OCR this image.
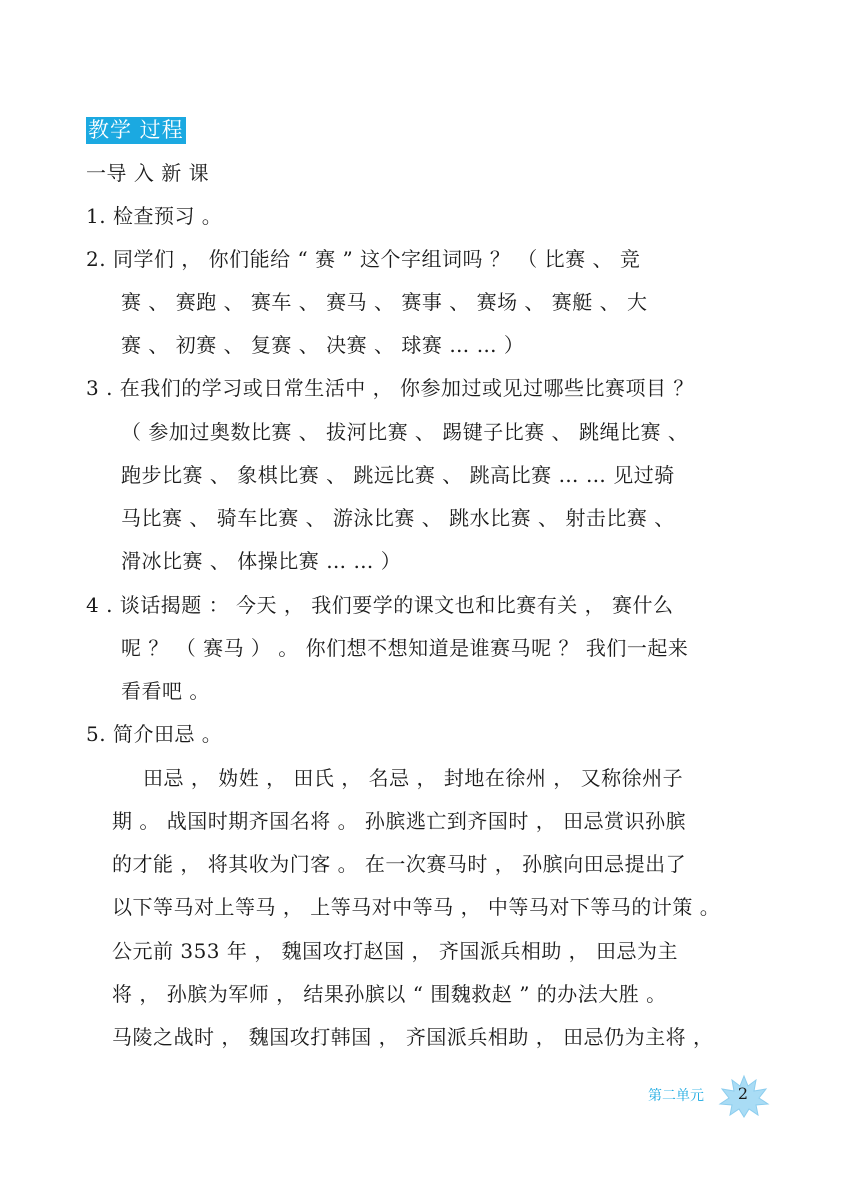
教学 过程
一导 入 新 课
1. 检查预习 。
2. 同学们 ， 你们能给 “ 赛 ” 这个字组词吗 ？ （ 比赛 、 竞
赛 、 赛跑 、 赛车 、 赛马 、 赛事 、 赛场 、 赛艇 、 大
赛 、 初赛 、 复赛 、 决赛 、 球赛 … … ）
3 . 在我们的学习或日常生活中 ， 你参加过或见过哪些比赛项目 ？
（ 参加过奥数比赛 、 拔河比赛 、 踢键子比赛 、 跳绳比赛 、
跑步比赛 、 象棋比赛 、 跳远比赛 、 跳高比赛 … … 见过骑
马比赛 、 骑车比赛 、 游泳比赛 、 跳水比赛 、 射击比赛 、
滑冰比赛 、 体操比赛 … … ）
4 . 谈话揭题 ： 今天 ， 我们要学的课文也和比赛有关 ， 赛什么
呢 ？ （ 赛马 ） 。 你们想不想知道是谁赛马呢 ？ 我们一起来
看看吧 。
5. 简介田忌 。
田忌 ， 妫姓 ， 田氏 ， 名忌 ， 封地在徐州 ， 又称徐州子
期 。 战国时期齐国名将 。 孙膑逃亡到齐国时 ， 田忌赏识孙膑
的才能 ， 将其收为门客 。 在一次赛马时 ， 孙膑向田忌提出了
以下等马对上等马 ， 上等马对中等马 ， 中等马对下等马的计策 。
公元前 353 年 ， 魏国攻打赵国 ， 齐国派兵相助 ， 田忌为主
将 ， 孙膑为军师 ， 结果孙膑以 “ 围魏救赵 ” 的办法大胜 。
马陵之战时 ， 魏国攻打韩国 ， 齐国派兵相助 ， 田忌仍为主将 ，
第二单元	2
